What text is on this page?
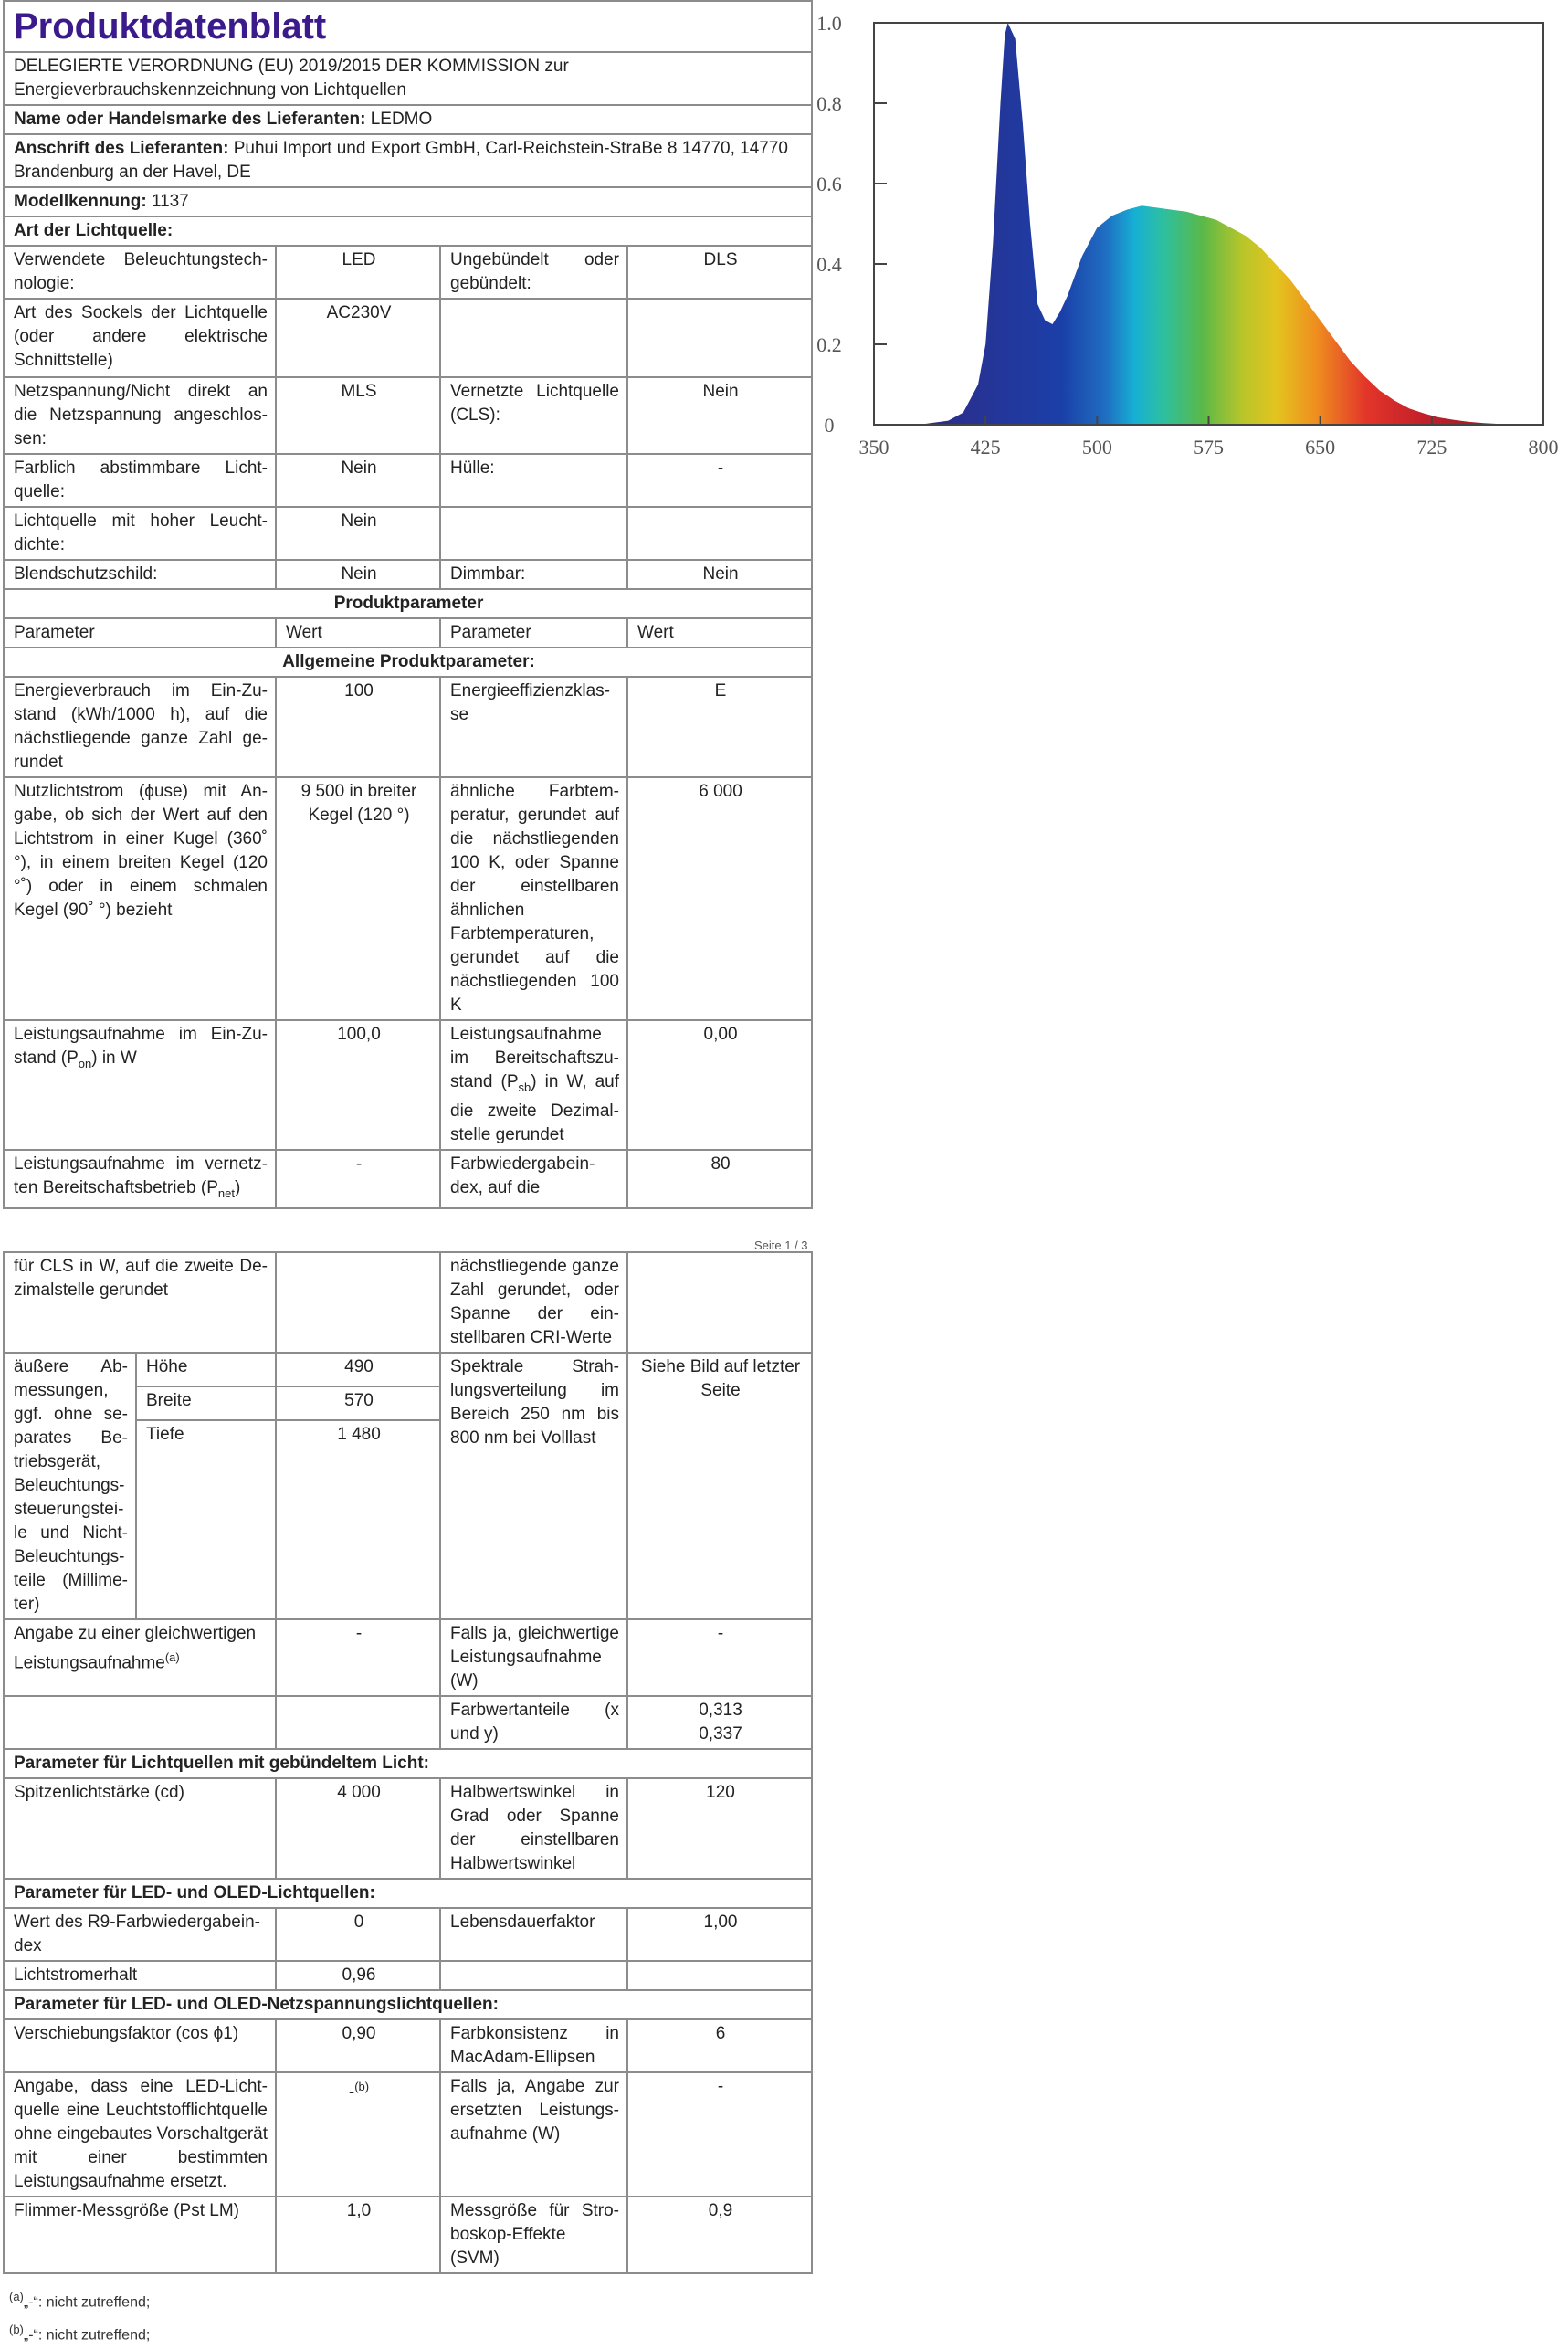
Produktdatenblatt			
DELEGIERTE VERORDNUNG (EU) 2019/2015 DER KOMMISSION zur Energieverbrauchskennzeichnung von Lichtquellen			
Name oder Handelsmarke des Lieferanten: LEDMO			
Anschrift des Lieferanten: Puhui Import und Export GmbH, Carl-Reichstein-StraBe 8 14770, 14770 Brandenburg an der Havel, DE			
Modellkennung: 1137			
Art der Lichtquelle:			
Verwendete Beleuchtungstechnologie:	LED	Ungebündelt oder gebündelt:	DLS
Art des Sockels der Lichtquelle (oder andere elektrische Schnittstelle)	AC230V		
Netzspannung/Nicht direkt an die Netzspannung angeschlossen:	MLS	Vernetzte Lichtquelle (CLS):	Nein
Farblich abstimmbare Lichtquelle:	Nein	Hülle:	-
Lichtquelle mit hoher Leuchtdichte:	Nein		
Blendschutzschild:	Nein	Dimmbar:	Nein
Produktparameter			
Parameter	Wert	Parameter	Wert
Allgemeine Produktparameter:			
Energieverbrauch im Ein-Zustand (kWh/1000 h), auf die nächstliegende ganze Zahl gerundet	100	Energieeffizienzklasse	E
Nutzlichtstrom (ϕuse) mit Angabe, ob sich der Wert auf den Lichtstrom in einer Kugel (360˚ °), in einem breiten Kegel (120 °˚) oder in einem schmalen Kegel (90˚ °) bezieht	9 500 in breiter Kegel (120 °)	ähnliche Farbtemperatur, gerundet auf die nächstliegenden 100 K, oder Spanne der einstellbaren ähnlichen Farbtemperaturen, gerundet auf die nächstliegenden 100 K	6 000
Leistungsaufnahme im Ein-Zustand $(P_{on})$ in W	100,0	Leistungsaufnahme im Bereitschaftszustand $(P_{sb})$ in W, auf die zweite Dezimalstelle gerundet	0,00
Leistungsaufnahme im vernetzten Bereitschaftsbetrieb $(P_{net})$	-	Farbwiedergabeindex, auf die	80
Seite 1 / 3
für CLS in W, auf die zweite Dezimalstelle gerundet			nächstliegende ganze Zahl gerundet, oder Spanne der einstellbaren CRI-Werte	
äußere Abmessungen, ggf. ohne separates Betriebsgerät, Beleuchtungssteuerungsteile und Nicht-Beleuchtungsteile (Millimeter)	Höhe	490	Spektrale Strahlungsverteilung im Bereich 250 nm bis 800 nm bei Volllast	Siehe Bild auf letzter Seite
	Breite	570		
	Tiefe	1 480		
Angabe zu einer gleichwertigen Leistungsaufnahme$^{(a)}$		-	Falls ja, gleichwertige Leistungsaufnahme (W)	-
			Farbwertanteile (x und y)	0,313
0,337
Parameter für Lichtquellen mit gebündeltem Licht:				
Spitzenlichtstärke (cd)		4 000	Halbwertswinkel in Grad oder Spanne der einstellbaren Halbwertswinkel	120
Parameter für LED- und OLED-Lichtquellen:				
Wert des R9-Farbwiedergabeindex		0	Lebensdauerfaktor	1,00
Lichtstromerhalt		0,96		
Parameter für LED- und OLED-Netzspannungslichtquellen:				
Verschiebungsfaktor (cos ϕ1)		0,90	Farbkonsistenz in MacAdam-Ellipsen	6
Angabe, dass eine LED-Lichtquelle eine Leuchtstofflichtquelle ohne eingebautes Vorschaltgerät mit einer bestimmten Leistungsaufnahme ersetzt.		-$^{(b)}$	Falls ja, Angabe zur ersetzten Leistungsaufnahme (W)	-
Flimmer-Messgröße (Pst LM)		1,0	Messgröße für Stroboskop-Effekte (SVM)	0,9
$^{(a)}$„-“: nicht zutreffend;
$^{(b)}$„-“: nicht zutreffend;
350	425	500	575	650	725	800
0
0.2
0.4
0.6
0.8
1.0
